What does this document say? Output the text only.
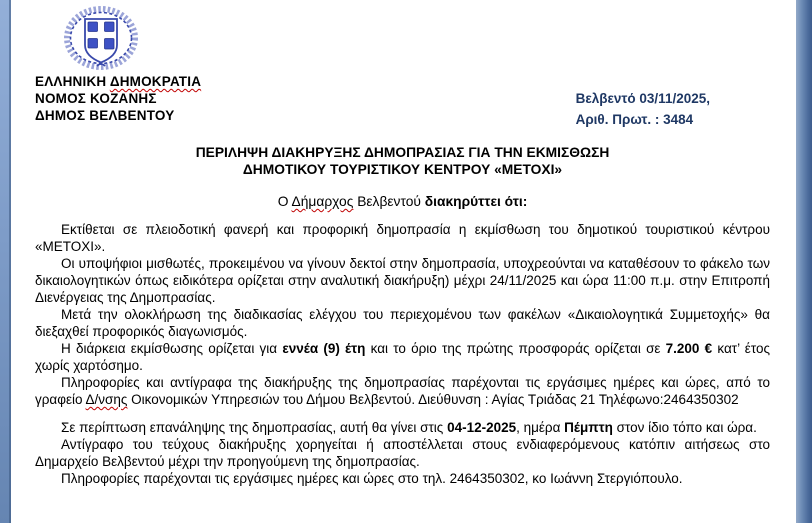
ΕΛΛΗΝΙΚΗ ΔΗΜΟΚΡΑΤΙΑ
ΝΟΜΟΣ ΚΟΖΑΝΗΣ
ΔΗΜΟΣ ΒΕΛΒΕΝΤΟΥ
Βελβεντό 03/11/2025,
Αριθ. Πρωτ. : 3484
ΠΕΡΙΛΗΨΗ ΔΙΑΚΗΡΥΞΗΣ ΔΗΜΟΠΡΑΣΙΑΣ ΓΙΑ ΤΗΝ ΕΚΜΙΣΘΩΣΗ
ΔΗΜΟΤΙΚΟΥ ΤΟΥΡΙΣΤΙΚΟΥ ΚΕΝΤΡΟΥ «ΜΕΤΟΧΙ»
Ο Δήμαρχος Βελβεντού διακηρύττει ότι:

Εκτίθεται σε πλειοδοτική φανερή και προφορική δημοπρασία η εκμίσθωση του δημοτικού τουριστικού κέντρου «ΜΕΤΟΧΙ».

Οι υποψήφιοι μισθωτές, προκειμένου να γίνουν δεκτοί στην δημοπρασία, υποχρεούνται να καταθέσουν το φάκελο των δικαιολογητικών όπως ειδικότερα ορίζεται στην αναλυτική διακήρυξη) μέχρι 24/11/2025 και ώρα 11:00 π.μ. στην Επιτροπή Διενέργειας της Δημοπρασίας.

Μετά την ολοκλήρωση της διαδικασίας ελέγχου του περιεχομένου των φακέλων «Δικαιολογητικά Συμμετοχής» θα διεξαχθεί προφορικός διαγωνισμός.

Η διάρκεια εκμίσθωσης ορίζεται για εννέα (9) έτη και το όριο της πρώτης προσφοράς ορίζεται σε 7.200 € κατ’ έτος χωρίς χαρτόσημο.

Πληροφορίες και αντίγραφα της διακήρυξης της δημοπρασίας παρέχονται τις εργάσιμες ημέρες και ώρες, από το γραφείο Δ/νσης Οικονομικών Υπηρεσιών του Δήμου Βελβεντού. Διεύθυνση : Αγίας Τριάδας 21 Τηλέφωνο:2464350302

Σε περίπτωση επανάληψης της δημοπρασίας, αυτή θα γίνει στις 04-12-2025, ημέρα Πέμπτη στον ίδιο τόπο και ώρα.

Αντίγραφο του τεύχους διακήρυξης χορηγείται ή αποστέλλεται στους ενδιαφερόμενους κατόπιν αιτήσεως στο Δημαρχείο Βελβεντού μέχρι την προηγούμενη της δημοπρασίας.

Πληροφορίες παρέχονται τις εργάσιμες ημέρες και ώρες στο τηλ. 2464350302, κο Ιωάννη Στεργιόπουλο.
